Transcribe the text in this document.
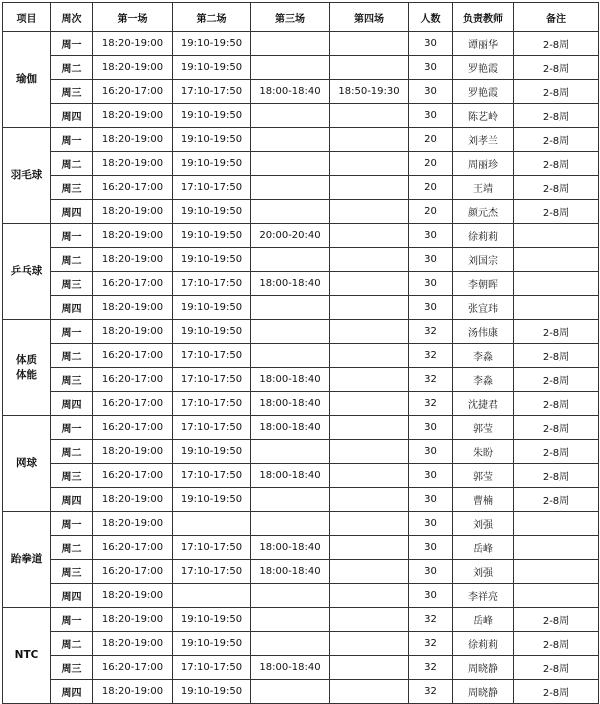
项目	周次	第一场	第二场	第三场	第四场	人数	负责教师	备注
瑜伽	周一	18:20-19:00	19:10-19:50			30	谭丽华	2-8周
	周二	18:20-19:00	19:10-19:50			30	罗艳霞	2-8周
	周三	16:20-17:00	17:10-17:50	18:00-18:40	18:50-19:30	30	罗艳霞	2-8周
	周四	18:20-19:00	19:10-19:50			30	陈艺岭	2-8周
羽毛球	周一	18:20-19:00	19:10-19:50			20	刘孝兰	2-8周
	周二	18:20-19:00	19:10-19:50			20	周丽珍	2-8周
	周三	16:20-17:00	17:10-17:50			20	王靖	2-8周
	周四	18:20-19:00	19:10-19:50			20	颜元杰	2-8周
乒乓球	周一	18:20-19:00	19:10-19:50	20:00-20:40		30	徐莉莉	
	周二	18:20-19:00	19:10-19:50			30	刘国宗	
	周三	16:20-17:00	17:10-17:50	18:00-18:40		30	李朝晖	
	周四	18:20-19:00	19:10-19:50			30	张宜玮	
体质
体能	周一	18:20-19:00	19:10-19:50			32	汤伟康	2-8周
	周二	16:20-17:00	17:10-17:50			32	李淼	2-8周
	周三	16:20-17:00	17:10-17:50	18:00-18:40		32	李淼	2-8周
	周四	16:20-17:00	17:10-17:50	18:00-18:40		32	沈捷君	2-8周
网球	周一	16:20-17:00	17:10-17:50	18:00-18:40		30	郭莹	2-8周
	周二	18:20-19:00	19:10-19:50			30	朱盼	2-8周
	周三	16:20-17:00	17:10-17:50	18:00-18:40		30	郭莹	2-8周
	周四	18:20-19:00	19:10-19:50			30	曹楠	2-8周
跆拳道	周一	18:20-19:00				30	刘强	
	周二	16:20-17:00	17:10-17:50	18:00-18:40		30	岳峰	
	周三	16:20-17:00	17:10-17:50	18:00-18:40		30	刘强	
	周四	18:20-19:00				30	李祥亮	
NTC	周一	18:20-19:00	19:10-19:50			32	岳峰	2-8周
	周二	18:20-19:00	19:10-19:50			32	徐莉莉	2-8周
	周三	16:20-17:00	17:10-17:50	18:00-18:40		32	周晓静	2-8周
	周四	18:20-19:00	19:10-19:50			32	周晓静	2-8周
